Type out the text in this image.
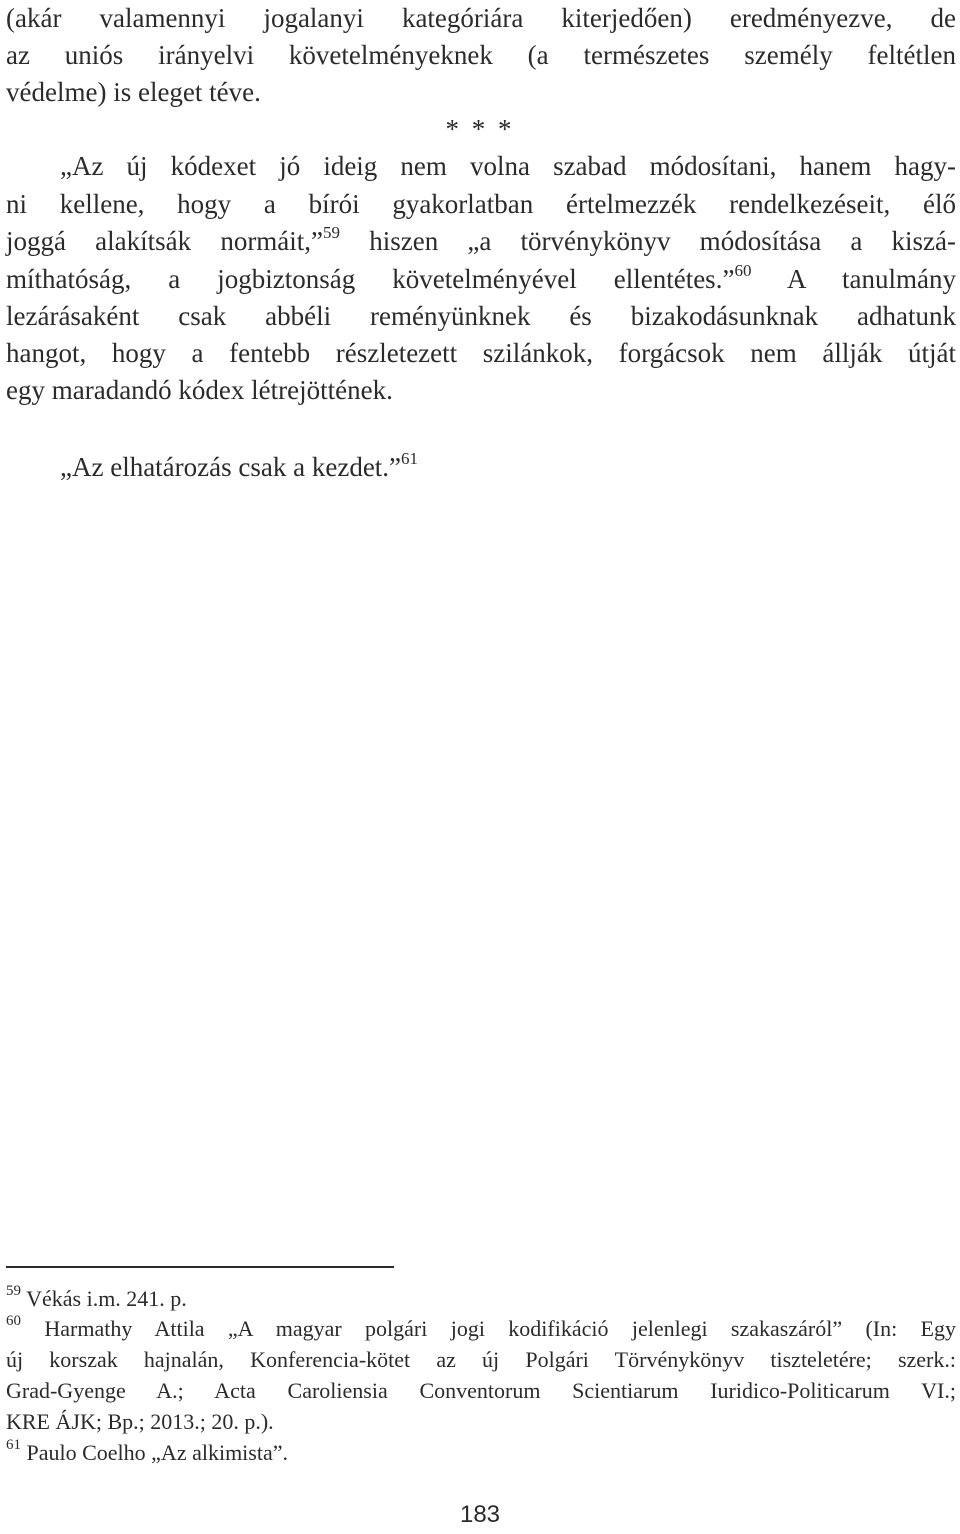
(akár valamennyi jogalanyi kategóriára kiterjedően) eredményezve, de
az uniós irányelvi követelményeknek (a természetes személy feltétlen
védelme) is eleget téve.
* * *
„Az új kódexet jó ideig nem volna szabad módosítani, hanem hagy-
ni kellene, hogy a bírói gyakorlatban értelmezzék rendelkezéseit, élő
joggá alakítsák normáit,”$^{59}$ hiszen „a törvénykönyv módosítása a kiszá-
míthatóság, a jogbiztonság követelményével ellentétes.”$^{60}$ A tanulmány
lezárásaként csak abbéli reményünknek és bizakodásunknak adhatunk
hangot, hogy a fentebb részletezett szilánkok, forgácsok nem állják útját
egy maradandó kódex létrejöttének.
„Az elhatározás csak a kezdet.”$^{61}$
$^{59}$ Vékás i.m. 241. p.
$^{60}$ Harmathy Attila „A magyar polgári jogi kodifikáció jelenlegi szakaszáról” (In: Egy
új korszak hajnalán, Konferencia-kötet az új Polgári Törvénykönyv tiszteletére; szerk.:
Grad-Gyenge A.; Acta Caroliensia Conventorum Scientiarum Iuridico-Politicarum VI.;
KRE ÁJK; Bp.; 2013.; 20. p.).
$^{61}$ Paulo Coelho „Az alkimista”.
183
